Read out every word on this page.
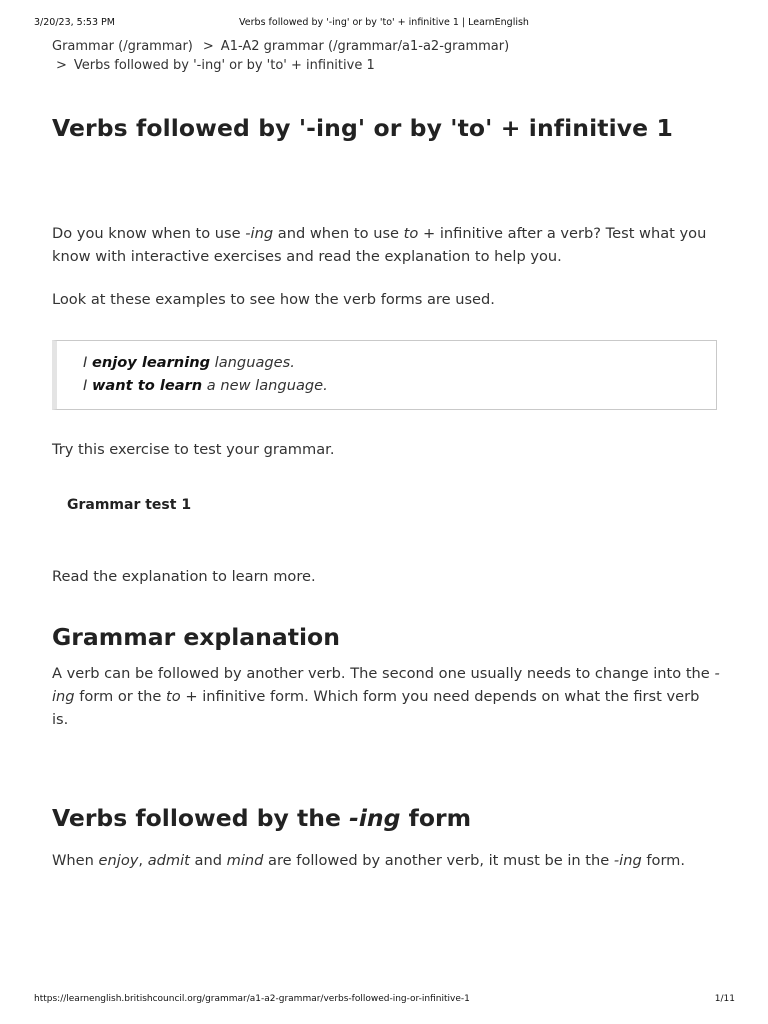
3/20/23, 5:53 PM	Verbs followed by '-ing' or by 'to' + infinitive 1 | LearnEnglish
Grammar (/grammar) > A1-A2 grammar (/grammar/a1-a2-grammar)
> Verbs followed by '-ing' or by 'to' + infinitive 1
Verbs followed by '-ing' or by 'to' + infinitive 1

Do you know when to use -ing and when to use to + infinitive after a verb? Test what you know with interactive exercises and read the explanation to help you.

Look at these examples to see how the verb forms are used.

I enjoy learning languages.
I want to learn a new language.

Try this exercise to test your grammar.

Grammar test 1

Read the explanation to learn more.

Grammar explanation

A verb can be followed by another verb. The second one usually needs to change into the -ing form or the to + infinitive form. Which form you need depends on what the first verb is.

Verbs followed by the -ing form

When enjoy, admit and mind are followed by another verb, it must be in the -ing form.

https://learnenglish.britishcouncil.org/grammar/a1-a2-grammar/verbs-followed-ing-or-infinitive-1	1/11
